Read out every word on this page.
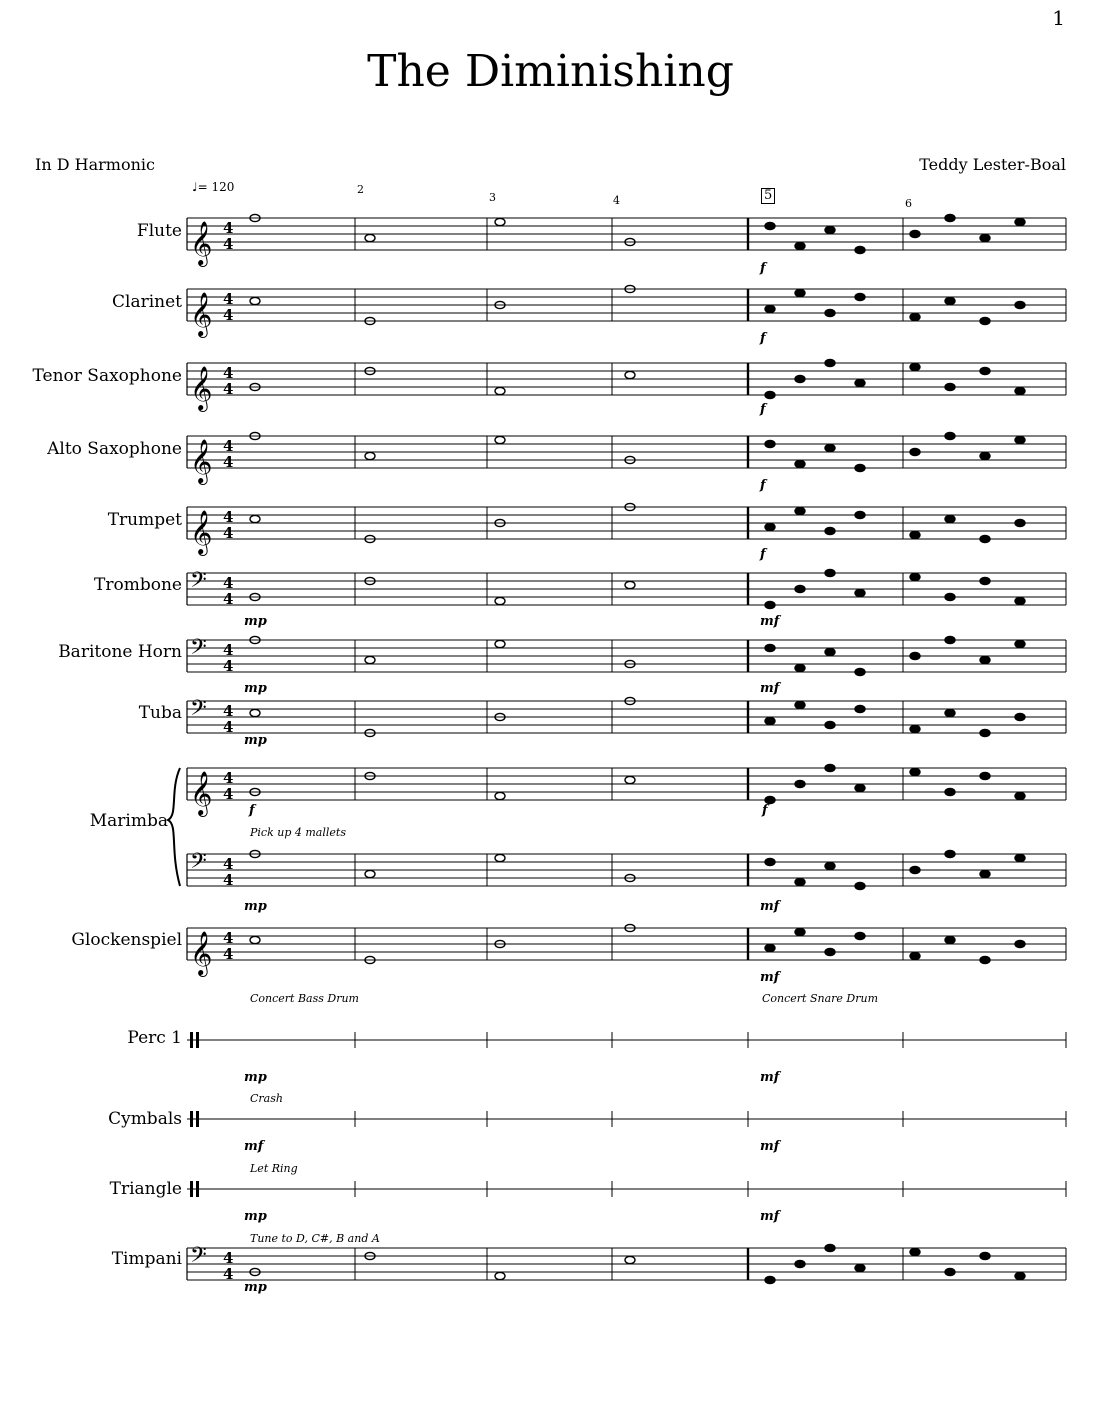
1
The Diminishing
In D Harmonic	Teddy Lester-Boal
♩= 120	2
3	4	5
6
Flute
Clarinet
Tenor Saxophone
Alto Saxophone
Trumpet
Trombone
Baritone Horn
Tuba
Marimba
Glockenspiel
Perc 1
Cymbals
Triangle
Timpani
f
f
f
f
f
mp	mf
mp	mf
mp
f	f
Pick up 4 mallets
mp	mf
mf
Concert Bass Drum	Concert Snare Drum
mp	mf
Crash
mf	mf
Let Ring
mp	mf
Tune to D, C#, B and A
mp
𝄞 4
4
𝄞 4
4
𝄞 4
4
𝄞 4
4
𝄞 4
4
𝄢 4
4
𝄢 4
4
𝄢 4
4
𝄞 4
4
𝄢 4
4
𝄞 4
4
𝄢 4
4
